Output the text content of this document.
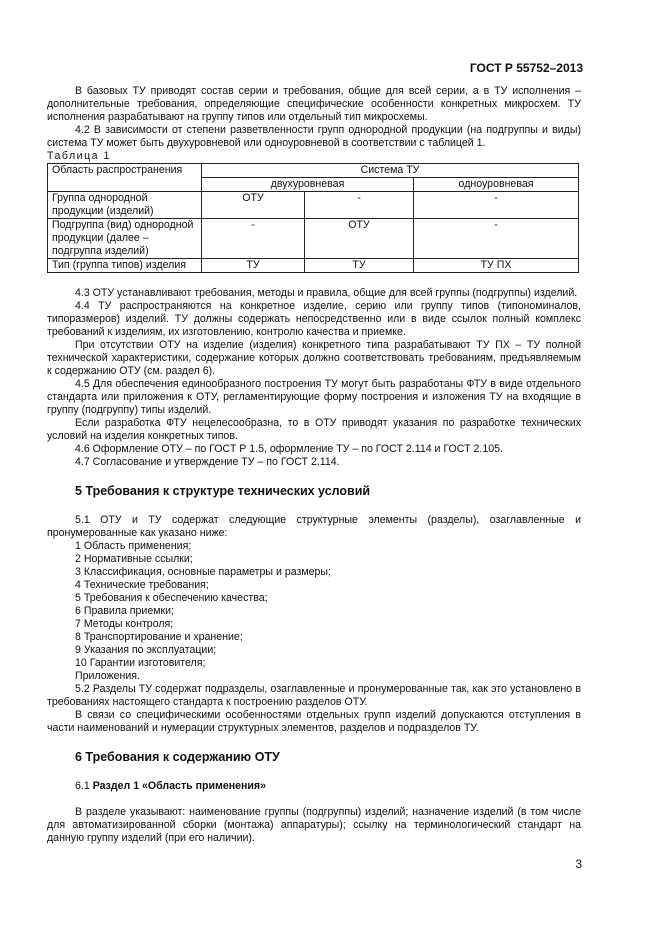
ГОСТ Р 55752–2013

В базовых ТУ приводят состав серии и требования, общие для всей серии, а в ТУ исполнения – дополнительные требования, определяющие специфические особенности конкретных микросхем. ТУ исполнения разрабатывают на группу типов или отдельный тип микросхемы.

4.2 В зависимости от степени разветвленности групп однородной продукции (на подгруппы и виды) система ТУ может быть двухуровневой или одноуровневой в соответствии с таблицей 1.

Таблица 1

Область распространения	Система ТУ		
	двухуровневая		одноуровневая
Группа однородной продукции (изделий)	ОТУ	-	-
Подгруппа (вид) однородной продукции (далее – подгруппа изделий)	-	ОТУ	-
Тип (группа типов) изделия	ТУ	ТУ	ТУ ПХ

4.3 ОТУ устанавливают требования, методы и правила, общие для всей группы (подгруппы) изделий.

4.4 ТУ распространяются на конкретное изделие, серию или группу типов (типономиналов, типоразмеров) изделий. ТУ должны содержать непосредственно или в виде ссылок полный комплекс требований к изделиям, их изготовлению, контролю качества и приемке.

При отсутствии ОТУ на изделие (изделия) конкретного типа разрабатывают ТУ ПХ – ТУ полной технической характеристики, содержание которых должно соответствовать требованиям, предъявляемым к содержанию ОТУ (см. раздел 6).

4.5 Для обеспечения единообразного построения ТУ могут быть разработаны ФТУ в виде отдельного стандарта или приложения к ОТУ, регламентирующие форму построения и изложения ТУ на входящие в группу (подгруппу) типы изделий.

Если разработка ФТУ нецелесообразна, то в ОТУ приводят указания по разработке технических условий на изделия конкретных типов.

4.6 Оформление ОТУ – по ГОСТ Р 1.5, оформление ТУ – по ГОСТ 2.114 и ГОСТ 2.105.

4.7 Согласование и утверждение ТУ – по ГОСТ 2.114.

5 Требования к структуре технических условий

5.1 ОТУ и ТУ содержат следующие структурные элементы (разделы), озаглавленные и пронумерованные как указано ниже:

1 Область применения;

2 Нормативные ссылки;

3 Классификация, основные параметры и размеры;

4 Технические требования;

5 Требования к обеспечению качества;

6 Правила приемки;

7 Методы контроля;

8 Транспортирование и хранение;

9 Указания по эксплуатации;

10 Гарантии изготовителя;

Приложения.

5.2 Разделы ТУ содержат подразделы, озаглавленные и пронумерованные так, как это установлено в требованиях настоящего стандарта к построению разделов ОТУ.

В связи со специфическими особенностями отдельных групп изделий допускаются отступления в части наименований и нумерации структурных элементов, разделов и подразделов ТУ.

6 Требования к содержанию ОТУ
6.1 Раздел 1 «Область применения»

В разделе указывают: наименование группы (подгруппы) изделий; назначение изделий (в том числе для автоматизированной сборки (монтажа) аппаратуры); ссылку на терминологический стандарт на данную группу изделий (при его наличии).

3
